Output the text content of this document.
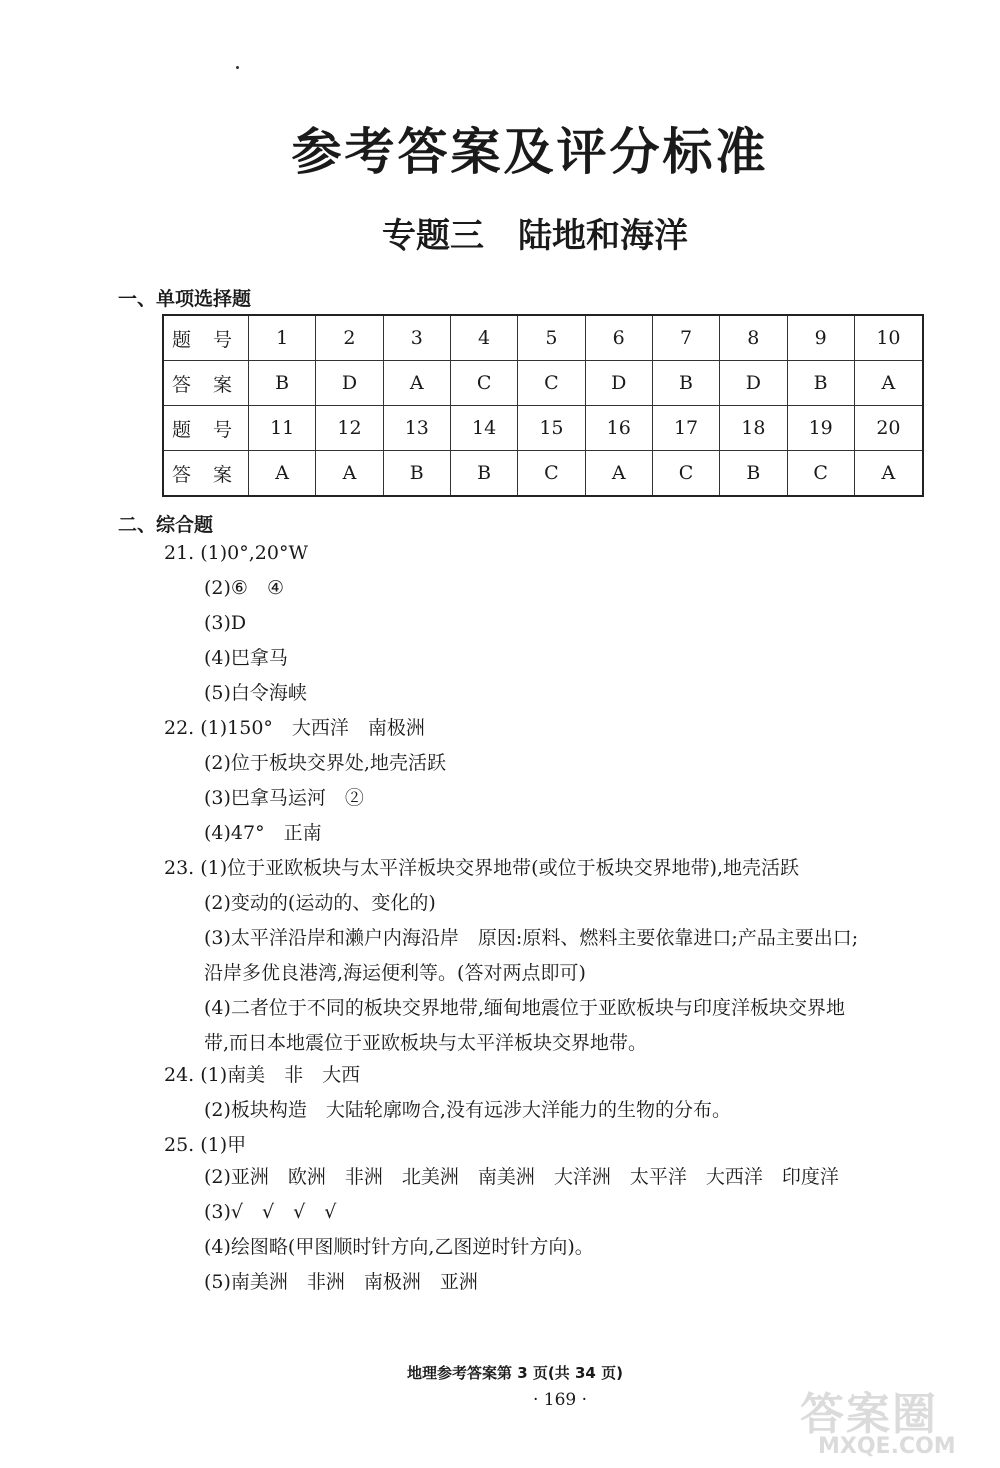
参考答案及评分标准
专题三　陆地和海洋
一、单项选择题
题 号	1	2	3	4	5	6	7	8	9	10
答 案	B	D	A	C	C	D	B	D	B	A
题 号	11	12	13	14	15	16	17	18	19	20
答 案	A	A	B	B	C	A	C	B	C	A
二、综合题
21. (1)0°,20°W
(2)⑥　④
(3)D
(4)巴拿马
(5)白令海峡
22. (1)150°　大西洋　南极洲
(2)位于板块交界处,地壳活跃
(3)巴拿马运河　②
(4)47°　正南
23. (1)位于亚欧板块与太平洋板块交界地带(或位于板块交界地带),地壳活跃
(2)变动的(运动的、变化的)
(3)太平洋沿岸和濑户内海沿岸　原因:原料、燃料主要依靠进口;产品主要出口;
沿岸多优良港湾,海运便利等。(答对两点即可)
(4)二者位于不同的板块交界地带,缅甸地震位于亚欧板块与印度洋板块交界地
带,而日本地震位于亚欧板块与太平洋板块交界地带。
24. (1)南美　非　大西
(2)板块构造　大陆轮廓吻合,没有远涉大洋能力的生物的分布。
25. (1)甲
(2)亚洲　欧洲　非洲　北美洲　南美洲　大洋洲　太平洋　大西洋　印度洋
(3)√　√　√　√
(4)绘图略(甲图顺时针方向,乙图逆时针方向)。
(5)南美洲　非洲　南极洲　亚洲
地理参考答案第 3 页(共 34 页)
· 169 ·	答案圈
MXQE.COM
